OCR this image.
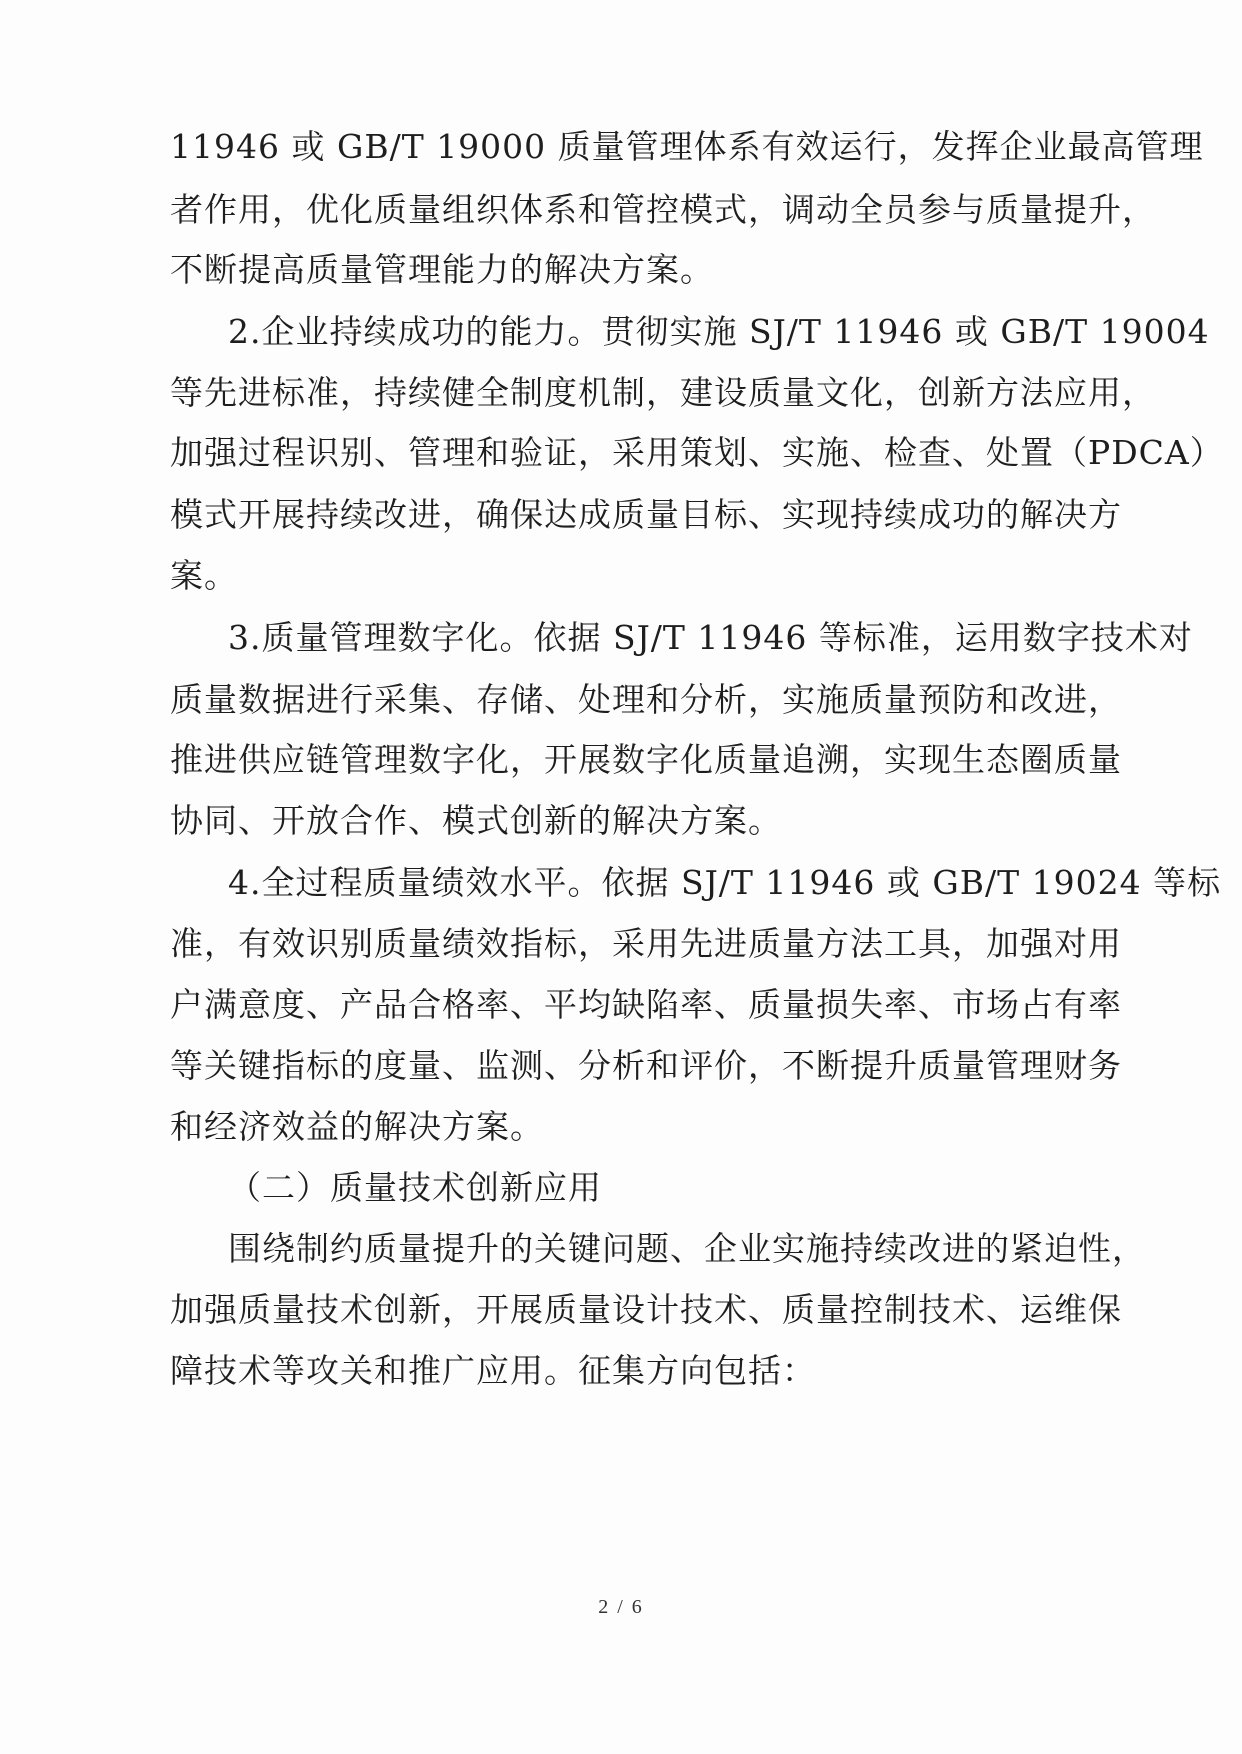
11946 或 GB/T 19000 质量管理体系有效运行，发挥企业最高管理
者作用，优化质量组织体系和管控模式，调动全员参与质量提升，
不断提高质量管理能力的解决方案。
2.企业持续成功的能力。贯彻实施 SJ/T 11946 或 GB/T 19004
等先进标准，持续健全制度机制，建设质量文化，创新方法应用，
加强过程识别、管理和验证，采用策划、实施、检查、处置（PDCA）
模式开展持续改进，确保达成质量目标、实现持续成功的解决方
案。
3.质量管理数字化。依据 SJ/T 11946 等标准，运用数字技术对
质量数据进行采集、存储、处理和分析，实施质量预防和改进，
推进供应链管理数字化，开展数字化质量追溯，实现生态圈质量
协同、开放合作、模式创新的解决方案。
4.全过程质量绩效水平。依据 SJ/T 11946 或 GB/T 19024 等标
准，有效识别质量绩效指标，采用先进质量方法工具，加强对用
户满意度、产品合格率、平均缺陷率、质量损失率、市场占有率
等关键指标的度量、监测、分析和评价，不断提升质量管理财务
和经济效益的解决方案。
（二）质量技术创新应用
围绕制约质量提升的关键问题、企业实施持续改进的紧迫性，
加强质量技术创新，开展质量设计技术、质量控制技术、运维保
障技术等攻关和推广应用。征集方向包括：
2 / 6
